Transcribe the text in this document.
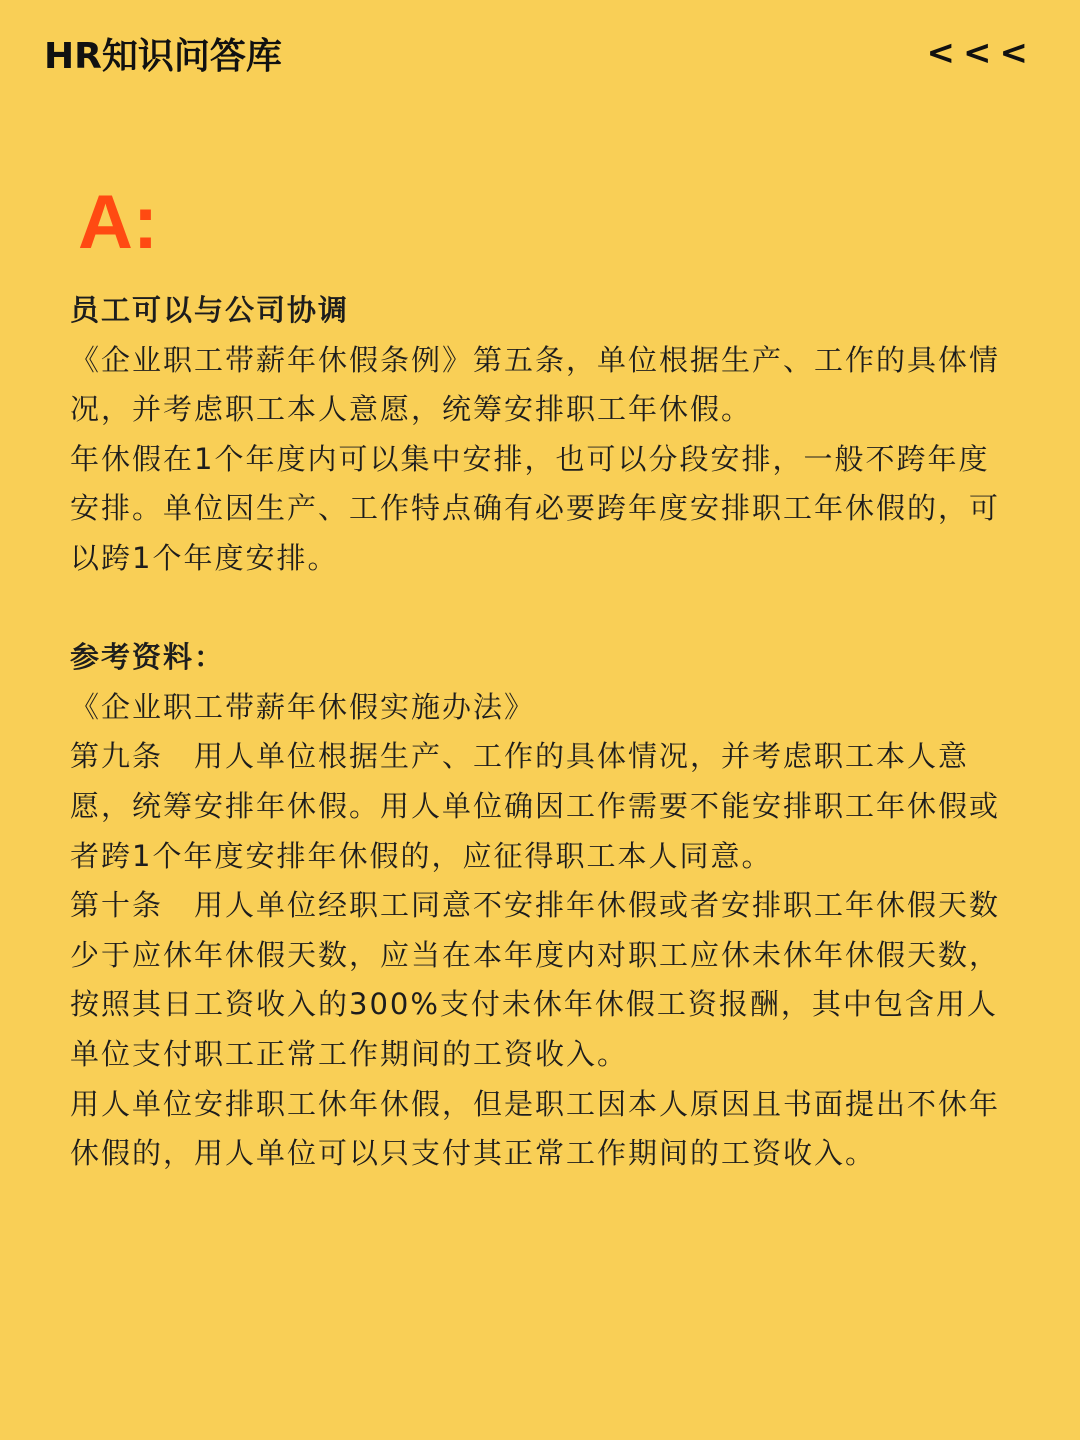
HR知识问答库	<<<
A:

员工可以与公司协调

《企业职工带薪年休假条例》第五条，单位根据生产、工作的具体情况，并考虑职工本人意愿，统筹安排职工年休假。

年休假在1个年度内可以集中安排，也可以分段安排，一般不跨年度安排。单位因生产、工作特点确有必要跨年度安排职工年休假的，可以跨1个年度安排。

参考资料：

《企业职工带薪年休假实施办法》

第九条　用人单位根据生产、工作的具体情况，并考虑职工本人意愿，统筹安排年休假。用人单位确因工作需要不能安排职工年休假或者跨1个年度安排年休假的，应征得职工本人同意。

第十条　用人单位经职工同意不安排年休假或者安排职工年休假天数少于应休年休假天数，应当在本年度内对职工应休未休年休假天数，按照其日工资收入的300%支付未休年休假工资报酬，其中包含用人单位支付职工正常工作期间的工资收入。

用人单位安排职工休年休假，但是职工因本人原因且书面提出不休年休假的，用人单位可以只支付其正常工作期间的工资收入。
